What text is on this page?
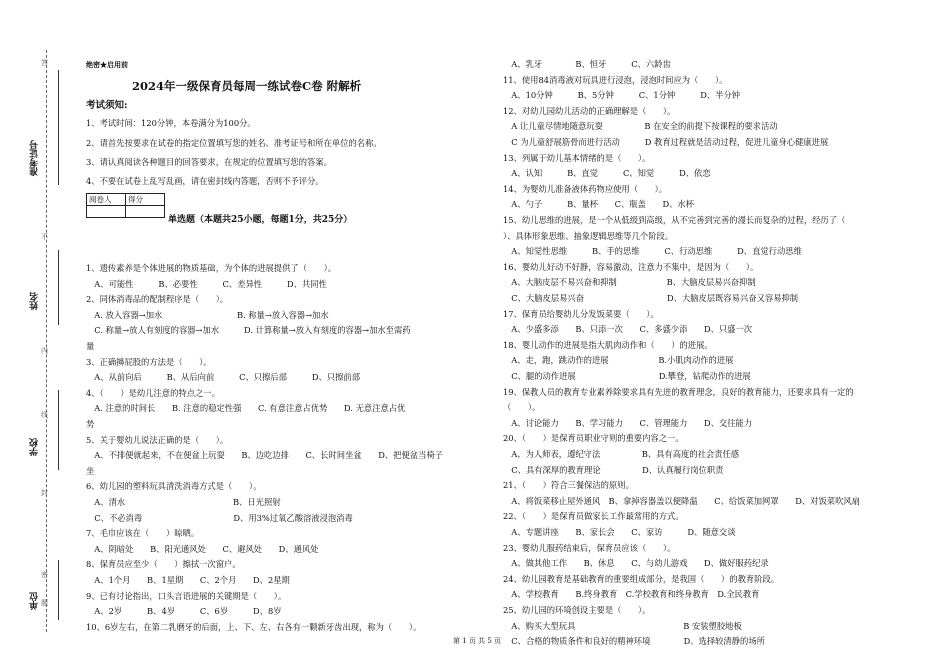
准考证号
姓名
学校
单位
答
不
内
线
封
密
题
绝密★启用前
2024年一级保育员每周一练试卷C卷 附解析
考试须知:
1、考试时间：120分钟，本卷满分为100分。
2、请首先按要求在试卷的指定位置填写您的姓名、准考证号和所在单位的名称。
3、请认真阅读各种题目的回答要求，在规定的位置填写您的答案。
4、不要在试卷上乱写乱画，请在密封线内答题，否则不予评分。
阅卷人	得分

单选题（本题共25小题，每题1分，共25分）
1、遗传素养是个体进展的物质基础，为个体的进展提供了（　　）。
　A、可能性　　　B、必要性　　　C、差异性　　　D、共同性
2、同体消毒品的配制程序是（　　）。
　A. 放入容器→加水　　　　　　　　　B. 称量→放入容器→加水
　C. 称量→放人有刻度的容器→加水　　　D. 计算称量→放入有刻度的容器→加水至需药
量
3、正确擤屁股的方法是（　　）。
　A、从前向后　　　B、从后向前　　　C、只擦后部　　　D、只擦前部
4、（　　）是幼儿注意的特点之一。
　A. 注意的时间长　　B. 注意的稳定性强　　C. 有意注意占优势　　D. 无意注意占优
势
5、关于婴幼儿说法正确的是（　　）。
　A、不排便就起来，不在便盆上玩耍　　B、边吃边排　　C、长时间坐盆　　D、把便盆当椅子
坐
6、幼儿园的塑料玩具清洗消毒方式是（　　）。
　A、清水　　　　　　　　　　　　　B、日光照射
　C、不必消毒　　　　　　　　　　　D、用3%过氧乙酸溶液浸泡消毒
7、毛巾应该在（　　）晾晒。
　A、阴暗处　　B、阳光通风处　　C、避风处　　D、通风处
8、保育员应至少（　　）擦拭一次窗户。
　A、1个月　　B、1星期　　C、2个月　　D、2星期
9、已有讨论指出，口头言语进展的关键期是（　　）。
　A、2岁　　　B、4岁　　　C、6岁　　　D、8岁
10、6岁左右，在第二乳磨牙的后面，上、下、左、右各有一颗新牙齿出现，称为（　　）。
　A、乳牙　　　　B、恒牙　　　C、六龄齿
11、使用84消毒液对玩具进行浸泡，浸泡时间应为（　　）。
　A、10分钟　　　B、5分钟　　　C、1分钟　　　D、半分钟
12、对幼儿园幼儿活动的正确理解是（　　）。
　A 让儿童尽情地随意玩耍　　　　　B 在安全的前提下按课程的要求活动
　C 为儿童舒展筋骨而进行活动　　　D 教育过程就是活动过程，促进儿童身心健康进展
13、列属于幼儿基本情绪的是（　　）。
　A、认知　　　B、直觉　　　C、知觉　　　D、依恋
14、为婴幼儿准备液体药物应使用（　　）。
　A、勺子　　　B、量杯　　C、瓶盖　　D、水杯
15、幼儿思维的进展，是一个从低级到高级，从不完善到完善的漫长而复杂的过程，经历了（
）、具体形象思维、抽象逻辑思维等几个阶段。
　A、知觉性思维　　　B、手的思维　　　C、行动思维　　　D、直觉行动思维
16、婴幼儿好动不好静，容易激动，注意力不集中，是因为（　　）。
　A、大脑皮层不易兴奋和抑制　　　　　　B、大脑皮层易兴奋抑制
　C、大脑皮层易兴奋　　　　　　　　　　D、大脑皮层既容易兴奋又容易抑制
17、保育员给婴幼儿分发饭菜要（　　）。
　A、少盛多添　　B、只添一次　　C、多盛少添　　D、只盛一次
18、婴儿动作的进展是指大肌肉动作和（　　）的进展。
　A、走，跑，跳动作的进展　　　　　　B.小肌肉动作的进展
　C、腿的动作进展　　　　　　　　　　D.攀登，钻爬动作的进展
19、保教人员的教育专业素养除要求具有先进的教育理念，良好的教育能力，还要求具有一定的
（　　）。
　A、讨论能力　　B、学习能力　　C、管理能力　　D、交往能力
20、（　　）是保育员职业守则的重要内容之一。
　A、为人师表，遵纪守法　　　　　B、具有高度的社会责任感
　C、具有深厚的教育理论　　　　　D、认真履行岗位职责
21、（　　）符合三餐保洁的原则。
　A、将饭菜移止屋外通风　B、拿掉容器盖以便降温　　C、给饭菜加网罩　　D、对饭菜吹风扇
22、（　　）是保育员做家长工作最常用的方式。
　A、专题讲座　　B、家长会　　C、家访　　　D、随意交谈
23、婴幼儿服药结束后，保育员应该（　　）。
　A、做其他工作　　B、休息　　C、与幼儿游戏　　D、做好服药纪录
24、幼儿园教育是基础教育的重要组成部分，是我国（　　）的教育阶段。
　A、学校教育　　B.终身教育　C.学校教育和终身教育　D.全民教育
25、幼儿园的环境创设主要是（　　）。
　A、购买大型玩具　　　　　　　　　　　　　B 安装塑胶地板
　C、合格的物质条件和良好的精神环境　　　　D、选择较清静的场所
第 1 页 共 5 页
